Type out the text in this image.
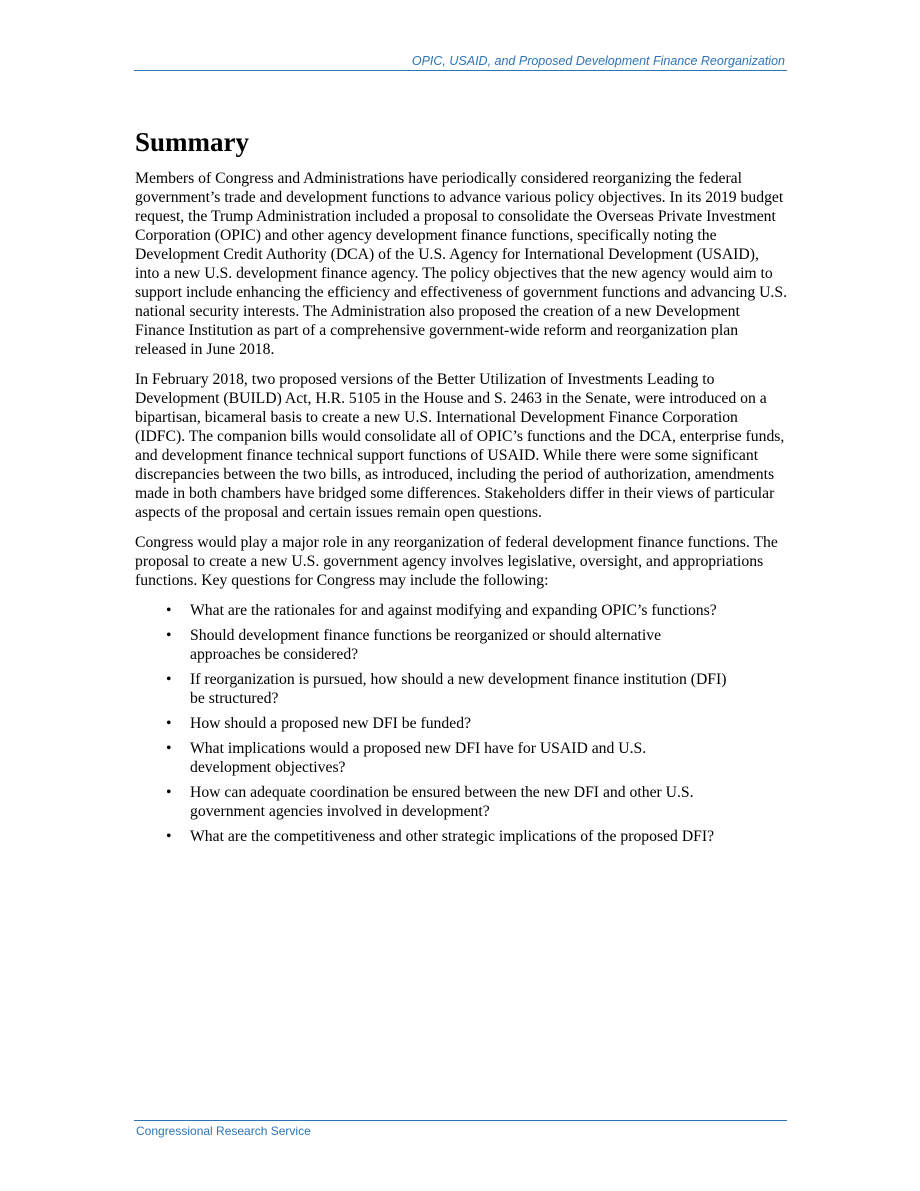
OPIC, USAID, and Proposed Development Finance Reorganization
Summary

Members of Congress and Administrations have periodically considered reorganizing the federal government’s trade and development functions to advance various policy objectives. In its 2019 budget request, the Trump Administration included a proposal to consolidate the Overseas Private Investment Corporation (OPIC) and other agency development finance functions, specifically noting the Development Credit Authority (DCA) of the U.S. Agency for International Development (USAID), into a new U.S. development finance agency. The policy objectives that the new agency would aim to support include enhancing the efficiency and effectiveness of government functions and advancing U.S. national security interests. The Administration also proposed the creation of a new Development Finance Institution as part of a comprehensive government-wide reform and reorganization plan released in June 2018.

In February 2018, two proposed versions of the Better Utilization of Investments Leading to Development (BUILD) Act, H.R. 5105 in the House and S. 2463 in the Senate, were introduced on a bipartisan, bicameral basis to create a new U.S. International Development Finance Corporation (IDFC). The companion bills would consolidate all of OPIC’s functions and the DCA, enterprise funds, and development finance technical support functions of USAID. While there were some significant discrepancies between the two bills, as introduced, including the period of authorization, amendments made in both chambers have bridged some differences. Stakeholders differ in their views of particular aspects of the proposal and certain issues remain open questions.

Congress would play a major role in any reorganization of federal development finance functions. The proposal to create a new U.S. government agency involves legislative, oversight, and appropriations functions. Key questions for Congress may include the following:

• What are the rationales for and against modifying and expanding OPIC’s functions?
• Should development finance functions be reorganized or should alternative approaches be considered?
• If reorganization is pursued, how should a new development finance institution (DFI) be structured?
• How should a proposed new DFI be funded?
• What implications would a proposed new DFI have for USAID and U.S. development objectives?
• How can adequate coordination be ensured between the new DFI and other U.S. government agencies involved in development?
• What are the competitiveness and other strategic implications of the proposed DFI?
Congressional Research Service
